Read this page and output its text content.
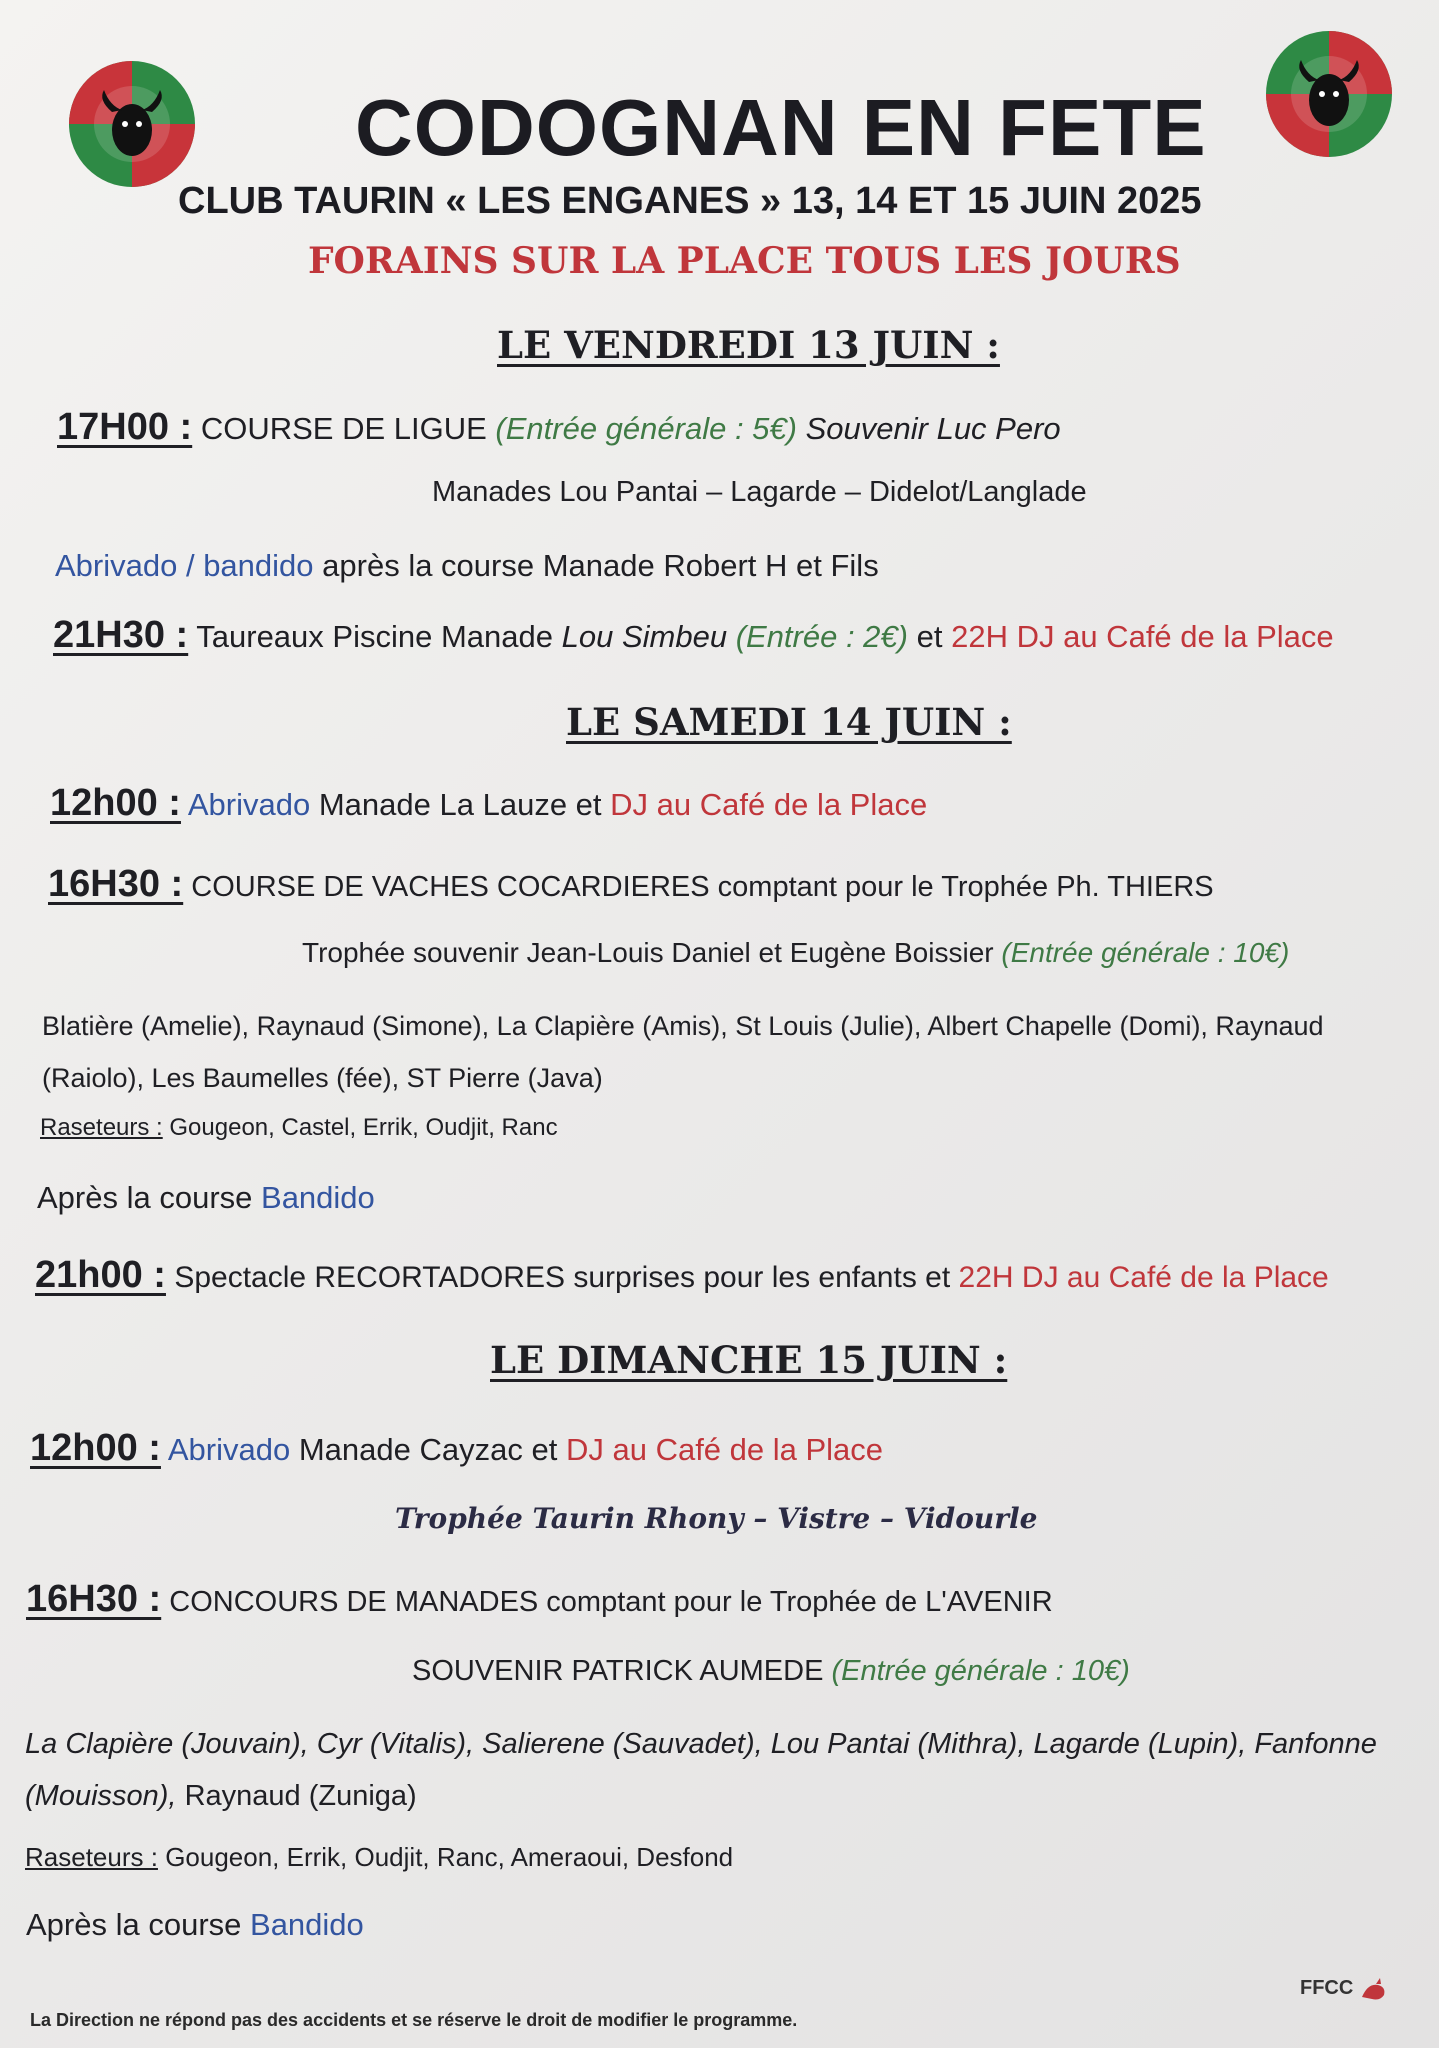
CODOGNAN EN FETE
CLUB TAURIN « LES ENGANES » 13, 14 ET 15 JUIN 2025
FORAINS SUR LA PLACE TOUS LES JOURS
LE VENDREDI 13 JUIN :
17H00 : COURSE DE LIGUE (Entrée générale : 5€) Souvenir Luc Pero
Manades Lou Pantai – Lagarde – Didelot/Langlade
Abrivado / bandido après la course Manade Robert H et Fils
21H30 : Taureaux Piscine Manade Lou Simbeu (Entrée : 2€) et 22H DJ au Café de la Place
LE SAMEDI 14 JUIN :
12h00 : Abrivado Manade La Lauze et DJ au Café de la Place
16H30 : COURSE DE VACHES COCARDIERES comptant pour le Trophée Ph. THIERS
Trophée souvenir Jean-Louis Daniel et Eugène Boissier (Entrée générale : 10€)
Blatière (Amelie), Raynaud (Simone), La Clapière (Amis), St Louis (Julie), Albert Chapelle (Domi), Raynaud
(Raiolo), Les Baumelles (fée), ST Pierre (Java)
Raseteurs : Gougeon, Castel, Errik, Oudjit, Ranc
Après la course Bandido
21h00 : Spectacle RECORTADORES surprises pour les enfants et 22H DJ au Café de la Place
LE DIMANCHE 15 JUIN :
12h00 : Abrivado Manade Cayzac et DJ au Café de la Place
Trophée Taurin Rhony – Vistre – Vidourle
16H30 : CONCOURS DE MANADES comptant pour le Trophée de L'AVENIR
SOUVENIR PATRICK AUMEDE (Entrée générale : 10€)
La Clapière (Jouvain), Cyr (Vitalis), Salierene (Sauvadet), Lou Pantai (Mithra), Lagarde (Lupin), Fanfonne
(Mouisson), Raynaud (Zuniga)
Raseteurs : Gougeon, Errik, Oudjit, Ranc, Ameraoui, Desfond
Après la course Bandido
La Direction ne répond pas des accidents et se réserve le droit de modifier le programme.
FFCC
